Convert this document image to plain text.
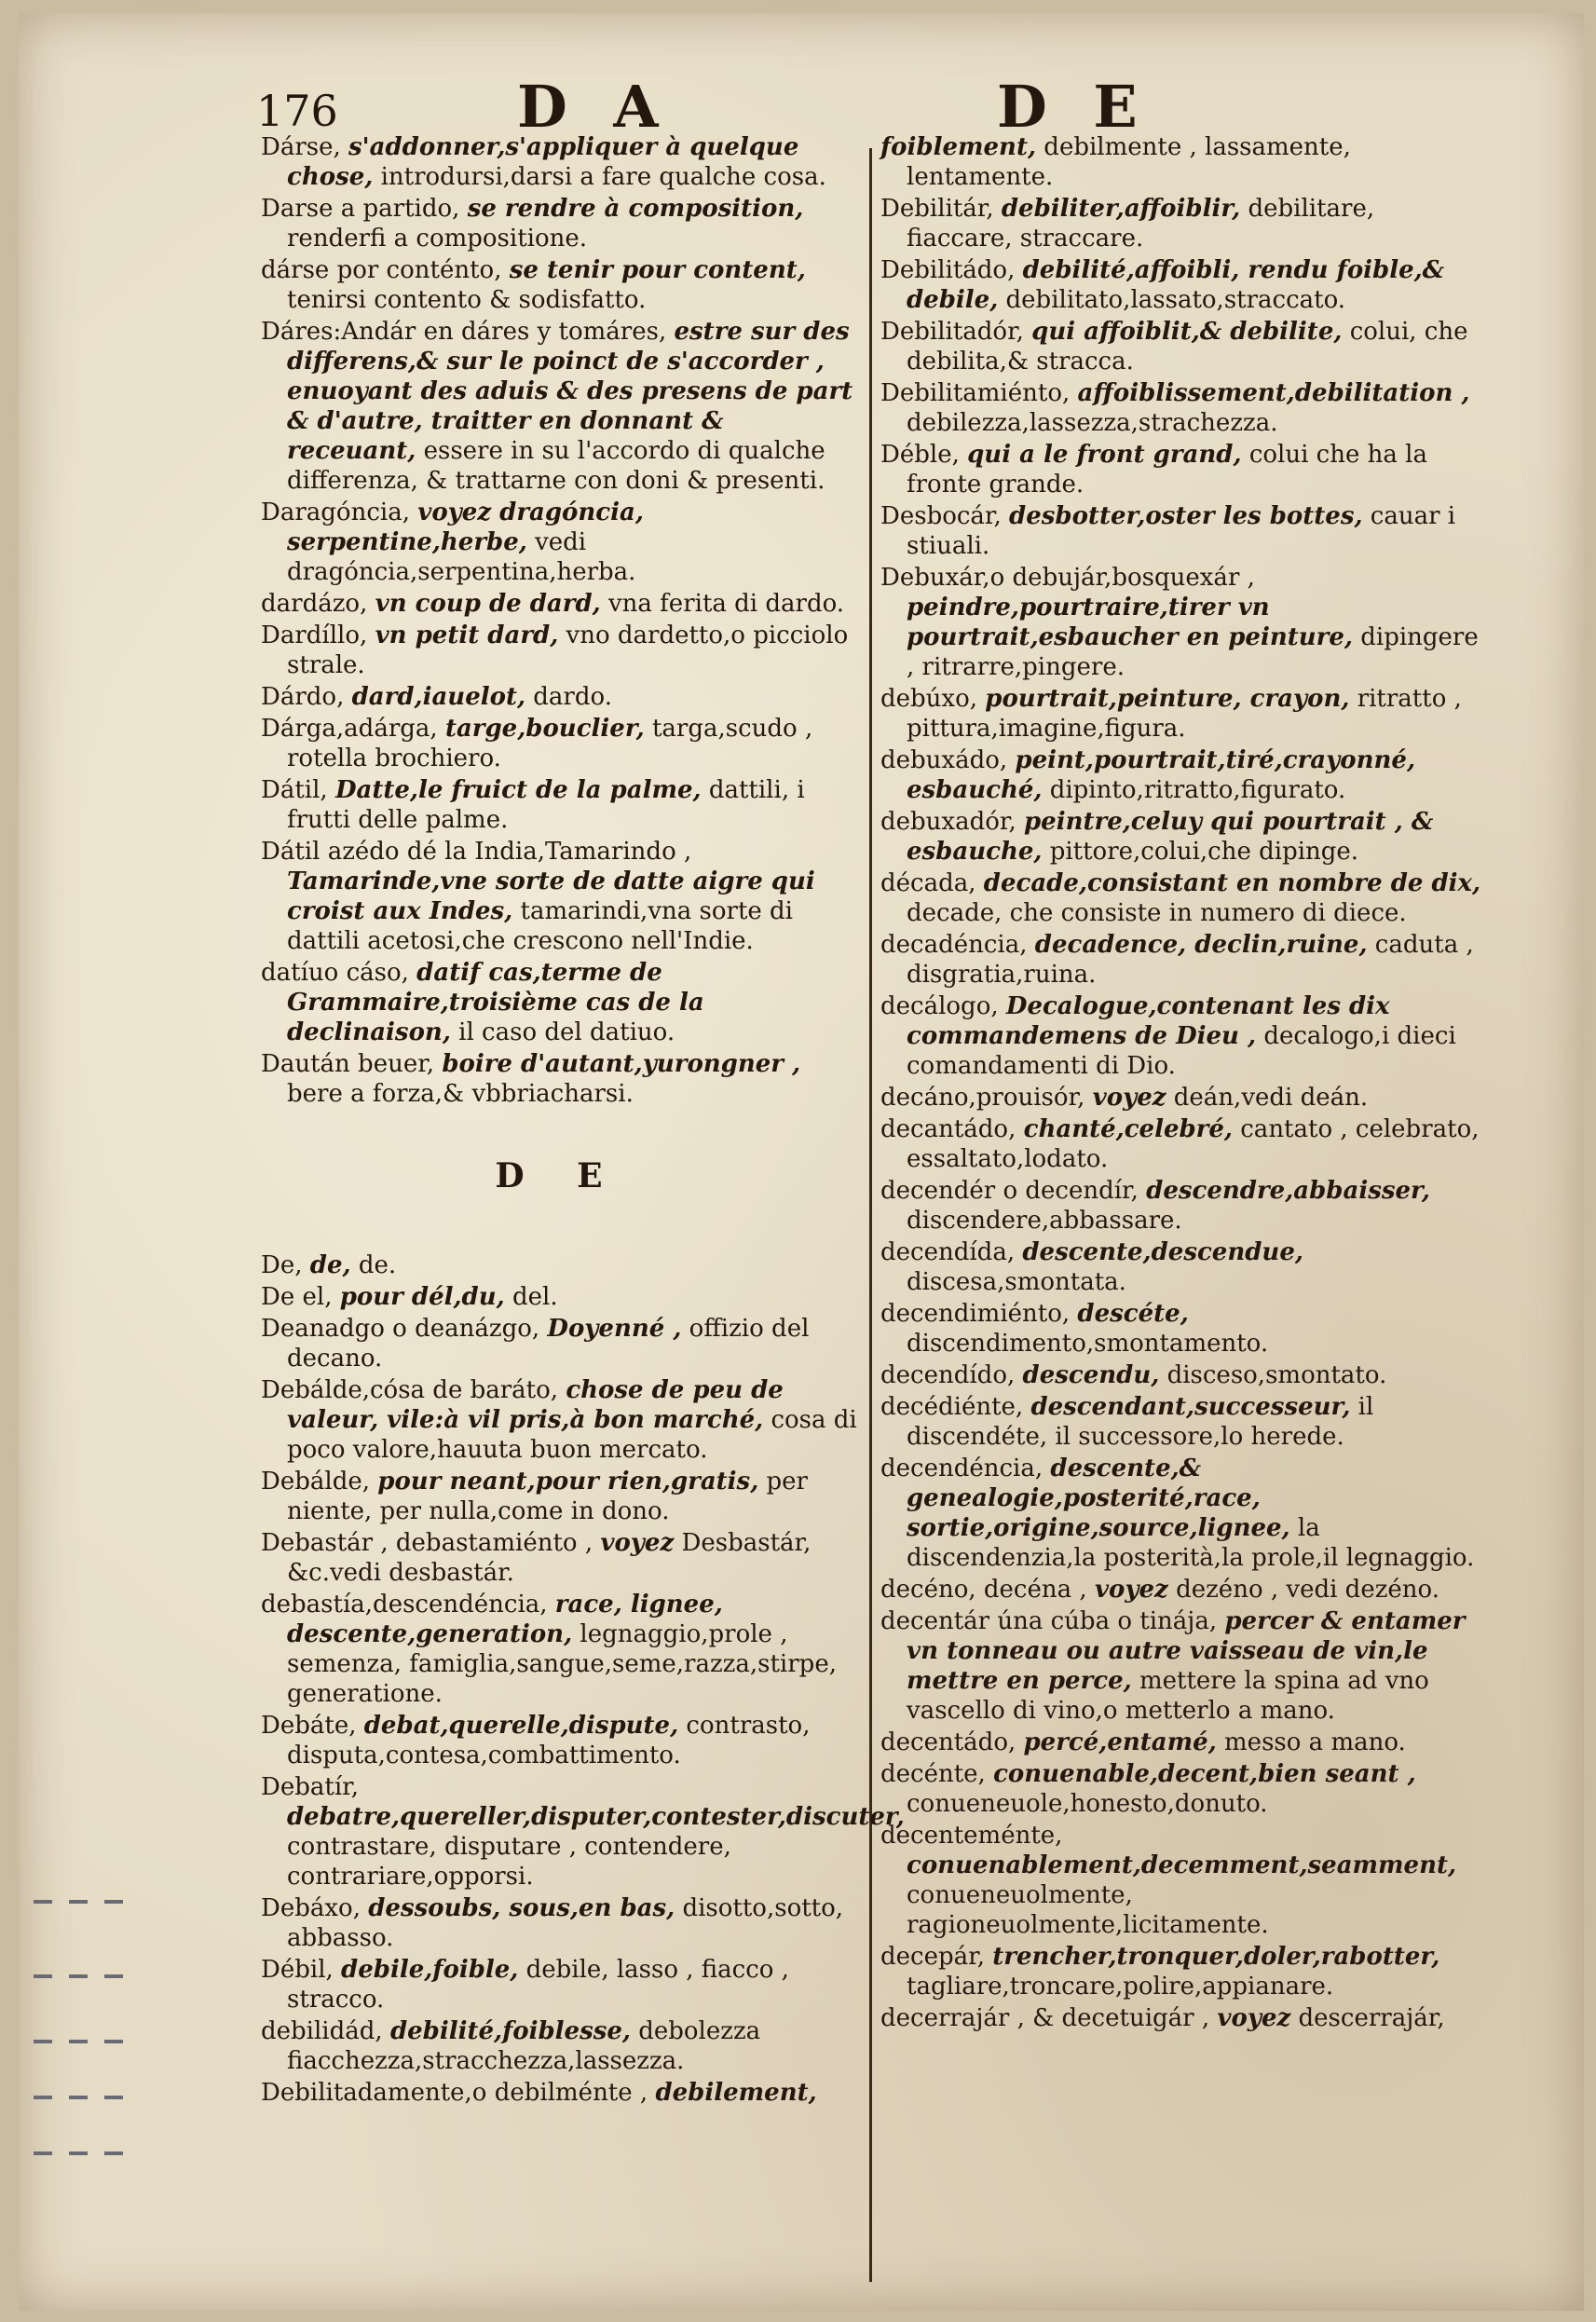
176	D A	D E
Dárse, s'addonner,s'appliquer à quelque chose, introdursi,darsi a fare qualche cosa.
Darse a partido, se rendre à composition, renderfi a compositione.
dárse por conténto, se tenir pour content, tenirsi contento & sodisfatto.
Dáres:Andár en dáres y tomáres, estre sur des differens,& sur le poinct de s'accorder , enuoyant des aduis & des presens de part & d'autre, traitter en donnant & receuant, essere in su l'accordo di qualche differenza, & trattarne con doni & presenti.
Daragóncia, voyez dragóncia, serpentine,herbe, vedi dragóncia,serpentina,herba.
dardázo, vn coup de dard, vna ferita di dardo.
Dardíllo, vn petit dard, vno dardetto,o picciolo strale.
Dárdo, dard,iauelot, dardo.
Dárga,adárga, targe,bouclier, targa,scudo , rotella brochiero.
Dátil, Datte,le fruict de la palme, dattili, i frutti delle palme.
Dátil azédo dé la India,Tamarindo , Tamarinde,vne sorte de datte aigre qui croist aux Indes, tamarindi,vna sorte di dattili acetosi,che crescono nell'Indie.
datíuo cáso, datif cas,terme de Grammaire,troisième cas de la declinaison, il caso del datiuo.
Daután beuer, boire d'autant,yurongner , bere a forza,& vbbriacharsi.
D E
De, de, de.
De el, pour dél,du, del.
Deanadgo o deanázgo, Doyenné , offizio del decano.
Debálde,cósa de baráto, chose de peu de valeur, vile:à vil pris,à bon marché, cosa di poco valore,hauuta buon mercato.
Debálde, pour neant,pour rien,gratis, per niente, per nulla,come in dono.
Debastár , debastamiénto , voyez Desbastár, &c.vedi desbastár.
debastía,descendéncia, race, lignee, descente,generation, legnaggio,prole , semenza, famiglia,sangue,seme,razza,stirpe, generatione.
Debáte, debat,querelle,dispute, contrasto, disputa,contesa,combattimento.
Debatír, debatre,quereller,disputer,contester,discuter, contrastare, disputare , contendere, contrariare,opporsi.
Debáxo, dessoubs, sous,en bas, disotto,sotto, abbasso.
Débil, debile,foible, debile, lasso , fiacco , stracco.
debilidád, debilité,foiblesse, debolezza fiacchezza,stracchezza,lassezza.
Debilitadamente,o debilménte , debilement,
foiblement, debilmente , lassamente, lentamente.
Debilitár, debiliter,affoiblir, debilitare, fiaccare, straccare.
Debilitádo, debilité,affoibli, rendu foible,& debile, debilitato,lassato,straccato.
Debilitadór, qui affoiblit,& debilite, colui, che debilita,& stracca.
Debilitamiénto, affoiblissement,debilitation , debilezza,lassezza,strachezza.
Déble, qui a le front grand, colui che ha la fronte grande.
Desbocár, desbotter,oster les bottes, cauar i stiuali.
Debuxár,o debujár,bosquexár , peindre,pourtraire,tirer vn pourtrait,esbaucher en peinture, dipingere , ritrarre,pingere.
debúxo, pourtrait,peinture, crayon, ritratto , pittura,imagine,figura.
debuxádo, peint,pourtrait,tiré,crayonné, esbauché, dipinto,ritratto,figurato.
debuxadór, peintre,celuy qui pourtrait , & esbauche, pittore,colui,che dipinge.
década, decade,consistant en nombre de dix, decade, che consiste in numero di diece.
decadéncia, decadence, declin,ruine, caduta , disgratia,ruina.
decálogo, Decalogue,contenant les dix commandemens de Dieu , decalogo,i dieci comandamenti di Dio.
decáno,prouisór, voyez deán,vedi deán.
decantádo, chanté,celebré, cantato , celebrato, essaltato,lodato.
decendér o decendír, descendre,abbaisser, discendere,abbassare.
decendída, descente,descendue, discesa,smontata.
decendimiénto, descéte, discendimento,smontamento.
decendído, descendu, disceso,smontato.
decédiénte, descendant,successeur, il discendéte, il successore,lo herede.
decendéncia, descente,& genealogie,posterité,race, sortie,origine,source,lignee, la discendenzia,la posterità,la prole,il legnaggio.
decéno, decéna , voyez dezéno , vedi dezéno.
decentár úna cúba o tinája, percer & entamer vn tonneau ou autre vaisseau de vin,le mettre en perce, mettere la spina ad vno vascello di vino,o metterlo a mano.
decentádo, percé,entamé, messo a mano.
decénte, conuenable,decent,bien seant , conueneuole,honesto,donuto.
decenteménte, conuenablement,decemment,seamment, conueneuolmente, ragioneuolmente,licitamente.
decepár, trencher,tronquer,doler,rabotter, tagliare,troncare,polire,appianare.
decerrajár , & decetuigár , voyez descerrajár,
